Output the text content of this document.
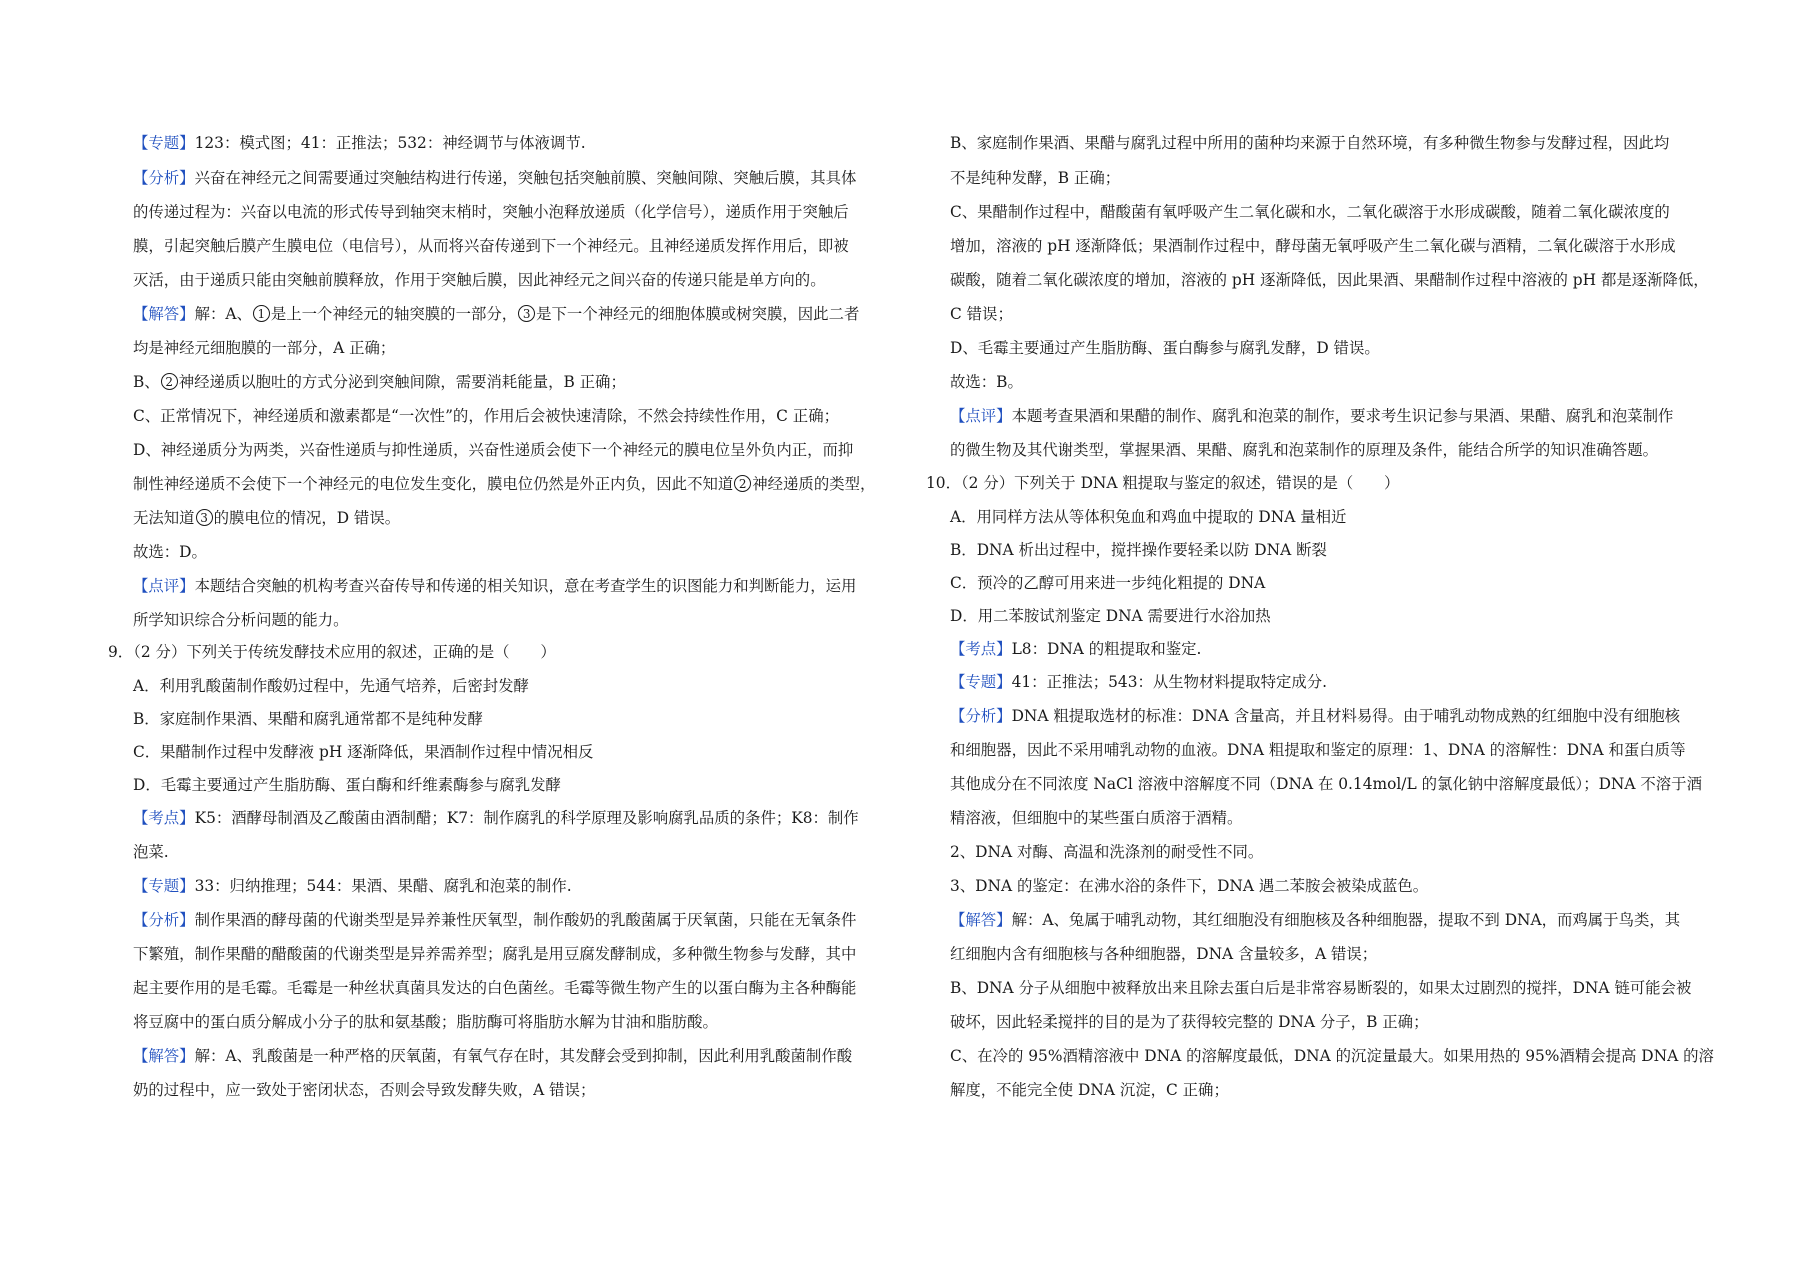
【专题】123：模式图；41：正推法；532：神经调节与体液调节.
【分析】兴奋在神经元之间需要通过突触结构进行传递，突触包括突触前膜、突触间隙、突触后膜，其具体
的传递过程为：兴奋以电流的形式传导到轴突末梢时，突触小泡释放递质（化学信号），递质作用于突触后
膜，引起突触后膜产生膜电位（电信号），从而将兴奋传递到下一个神经元。且神经递质发挥作用后，即被
灭活，由于递质只能由突触前膜释放，作用于突触后膜，因此神经元之间兴奋的传递只能是单方向的。
【解答】解：A、 1 是上一个神经元的轴突膜的一部分， 3 是下一个神经元的细胞体膜或树突膜，因此二者
均是神经元细胞膜的一部分，A 正确；
B、 2 神经递质以胞吐的方式分泌到突触间隙，需要消耗能量，B 正确；
C、正常情况下，神经递质和激素都是“一次性”的，作用后会被快速清除，不然会持续性作用，C 正确；
D、神经递质分为两类，兴奋性递质与抑性递质，兴奋性递质会使下一个神经元的膜电位呈外负内正，而抑
制性神经递质不会使下一个神经元的电位发生变化，膜电位仍然是外正内负，因此不知道 2 神经递质的类型，
无法知道 3 的膜电位的情况，D 错误。
故选：D。
【点评】本题结合突触的机构考查兴奋传导和传递的相关知识，意在考查学生的识图能力和判断能力，运用
所学知识综合分析问题的能力。
9．（2 分）下列关于传统发酵技术应用的叙述，正确的是（　　）
A．利用乳酸菌制作酸奶过程中，先通气培养，后密封发酵
B．家庭制作果酒、果醋和腐乳通常都不是纯种发酵
C．果醋制作过程中发酵液 pH 逐渐降低，果酒制作过程中情况相反
D．毛霉主要通过产生脂肪酶、蛋白酶和纤维素酶参与腐乳发酵
【考点】K5：酒酵母制酒及乙酸菌由酒制醋；K7：制作腐乳的科学原理及影响腐乳品质的条件；K8：制作
泡菜.
【专题】33：归纳推理；544：果酒、果醋、腐乳和泡菜的制作.
【分析】制作果酒的酵母菌的代谢类型是异养兼性厌氧型，制作酸奶的乳酸菌属于厌氧菌，只能在无氧条件
下繁殖，制作果醋的醋酸菌的代谢类型是异养需养型；腐乳是用豆腐发酵制成，多种微生物参与发酵，其中
起主要作用的是毛霉。毛霉是一种丝状真菌具发达的白色菌丝。毛霉等微生物产生的以蛋白酶为主各种酶能
将豆腐中的蛋白质分解成小分子的肽和氨基酸；脂肪酶可将脂肪水解为甘油和脂肪酸。
【解答】解：A、乳酸菌是一种严格的厌氧菌，有氧气存在时，其发酵会受到抑制，因此利用乳酸菌制作酸
奶的过程中，应一致处于密闭状态，否则会导致发酵失败，A 错误；
B、家庭制作果酒、果醋与腐乳过程中所用的菌种均来源于自然环境，有多种微生物参与发酵过程，因此均
不是纯种发酵，B 正确；
C、果醋制作过程中，醋酸菌有氧呼吸产生二氧化碳和水，二氧化碳溶于水形成碳酸，随着二氧化碳浓度的
增加，溶液的 pH 逐渐降低；果酒制作过程中，酵母菌无氧呼吸产生二氧化碳与酒精，二氧化碳溶于水形成
碳酸，随着二氧化碳浓度的增加，溶液的 pH 逐渐降低，因此果酒、果醋制作过程中溶液的 pH 都是逐渐降低，
C 错误；
D、毛霉主要通过产生脂肪酶、蛋白酶参与腐乳发酵，D 错误。
故选：B。
【点评】本题考查果酒和果醋的制作、腐乳和泡菜的制作，要求考生识记参与果酒、果醋、腐乳和泡菜制作
的微生物及其代谢类型，掌握果酒、果醋、腐乳和泡菜制作的原理及条件，能结合所学的知识准确答题。
10．（2 分）下列关于 DNA 粗提取与鉴定的叙述，错误的是（　　）
A．用同样方法从等体积兔血和鸡血中提取的 DNA 量相近
B．DNA 析出过程中，搅拌操作要轻柔以防 DNA 断裂
C．预冷的乙醇可用来进一步纯化粗提的 DNA
D．用二苯胺试剂鉴定 DNA 需要进行水浴加热
【考点】L8：DNA 的粗提取和鉴定.
【专题】41：正推法；543：从生物材料提取特定成分.
【分析】DNA 粗提取选材的标准：DNA 含量高，并且材料易得。由于哺乳动物成熟的红细胞中没有细胞核
和细胞器，因此不采用哺乳动物的血液。DNA 粗提取和鉴定的原理：1、DNA 的溶解性：DNA 和蛋白质等
其他成分在不同浓度 NaCl 溶液中溶解度不同（DNA 在 0.14mol/L 的氯化钠中溶解度最低）；DNA 不溶于酒
精溶液，但细胞中的某些蛋白质溶于酒精。
2、DNA 对酶、高温和洗涤剂的耐受性不同。
3、DNA 的鉴定：在沸水浴的条件下，DNA 遇二苯胺会被染成蓝色。
【解答】解：A、兔属于哺乳动物，其红细胞没有细胞核及各种细胞器，提取不到 DNA，而鸡属于鸟类，其
红细胞内含有细胞核与各种细胞器，DNA 含量较多，A 错误；
B、DNA 分子从细胞中被释放出来且除去蛋白后是非常容易断裂的，如果太过剧烈的搅拌，DNA 链可能会被
破坏，因此轻柔搅拌的目的是为了获得较完整的 DNA 分子，B 正确；
C、在冷的 95%酒精溶液中 DNA 的溶解度最低，DNA 的沉淀量最大。如果用热的 95%酒精会提高 DNA 的溶
解度，不能完全使 DNA 沉淀，C 正确；
